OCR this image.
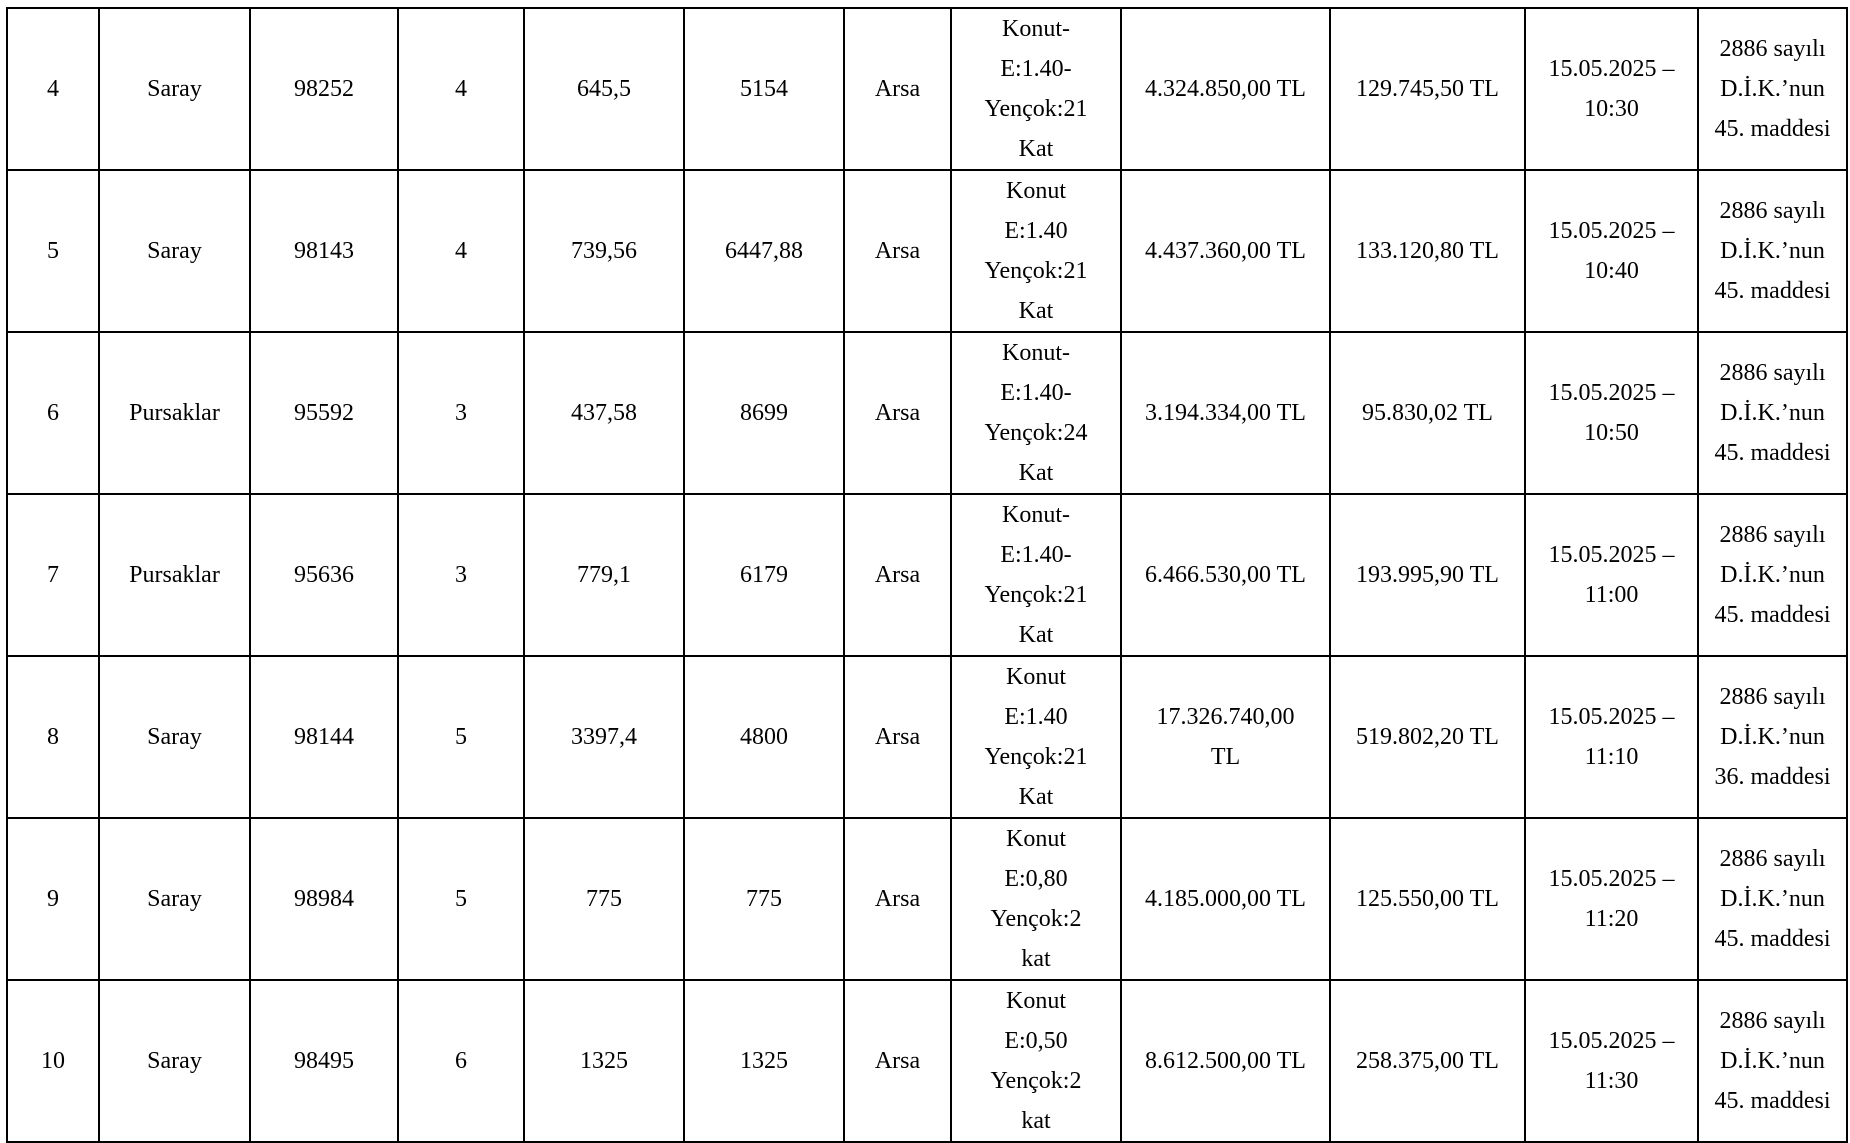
4	Saray	98252	4	645,5	5154	Arsa	Konut-
E:1.40-
Yençok:21
Kat	4.324.850,00 TL	129.745,50 TL	15.05.2025 –
10:30	2886 sayılı
D.İ.K.’nun
45. maddesi
5	Saray	98143	4	739,56	6447,88	Arsa	Konut
E:1.40
Yençok:21
Kat	4.437.360,00 TL	133.120,80 TL	15.05.2025 –
10:40	2886 sayılı
D.İ.K.’nun
45. maddesi
6	Pursaklar	95592	3	437,58	8699	Arsa	Konut-
E:1.40-
Yençok:24
Kat	3.194.334,00 TL	95.830,02 TL	15.05.2025 –
10:50	2886 sayılı
D.İ.K.’nun
45. maddesi
7	Pursaklar	95636	3	779,1	6179	Arsa	Konut-
E:1.40-
Yençok:21
Kat	6.466.530,00 TL	193.995,90 TL	15.05.2025 –
11:00	2886 sayılı
D.İ.K.’nun
45. maddesi
8	Saray	98144	5	3397,4	4800	Arsa	Konut
E:1.40
Yençok:21
Kat	17.326.740,00
TL	519.802,20 TL	15.05.2025 –
11:10	2886 sayılı
D.İ.K.’nun
36. maddesi
9	Saray	98984	5	775	775	Arsa	Konut
E:0,80
Yençok:2
kat	4.185.000,00 TL	125.550,00 TL	15.05.2025 –
11:20	2886 sayılı
D.İ.K.’nun
45. maddesi
10	Saray	98495	6	1325	1325	Arsa	Konut
E:0,50
Yençok:2
kat	8.612.500,00 TL	258.375,00 TL	15.05.2025 –
11:30	2886 sayılı
D.İ.K.’nun
45. maddesi
